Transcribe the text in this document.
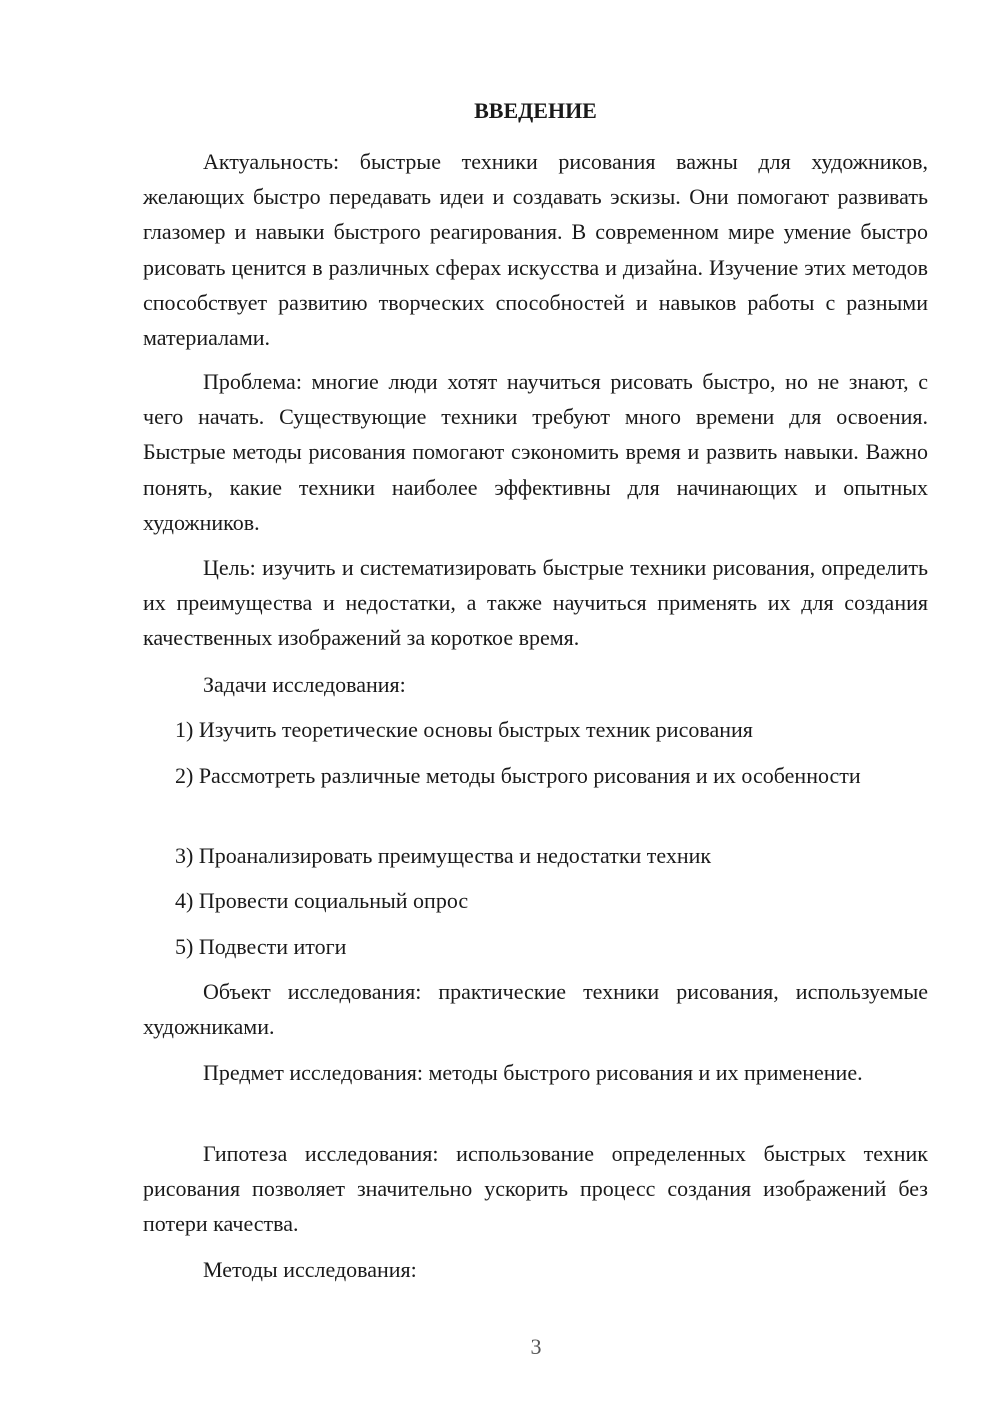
ВВЕДЕНИЕ

Актуальность: быстрые техники рисования важны для художников, желающих быстро передавать идеи и создавать эскизы. Они помогают развивать глазомер и навыки быстрого реагирования. В современном мире умение быстро рисовать ценится в различных сферах искусства и дизайна. Изучение этих методов способствует развитию творческих способностей и навыков работы с разными материалами.

Проблема: многие люди хотят научиться рисовать быстро, но не знают, с чего начать. Существующие техники требуют много времени для освоения. Быстрые методы рисования помогают сэкономить время и развить навыки. Важно понять, какие техники наиболее эффективны для начинающих и опытных художников.

Цель: изучить и систематизировать быстрые техники рисования, определить их преимущества и недостатки, а также научиться применять их для создания качественных изображений за короткое время.

Задачи исследования:

1) Изучить теоретические основы быстрых техник рисования

2) Рассмотреть различные методы быстрого рисования и их особенности

3) Проанализировать преимущества и недостатки техник

4) Провести социальный опрос

5) Подвести итоги

Объект исследования: практические техники рисования, используемые художниками.

Предмет исследования: методы быстрого рисования и их применение.

Гипотеза исследования: использование определенных быстрых техник рисования позволяет значительно ускорить процесс создания изображений без потери качества.

Методы исследования:

3
